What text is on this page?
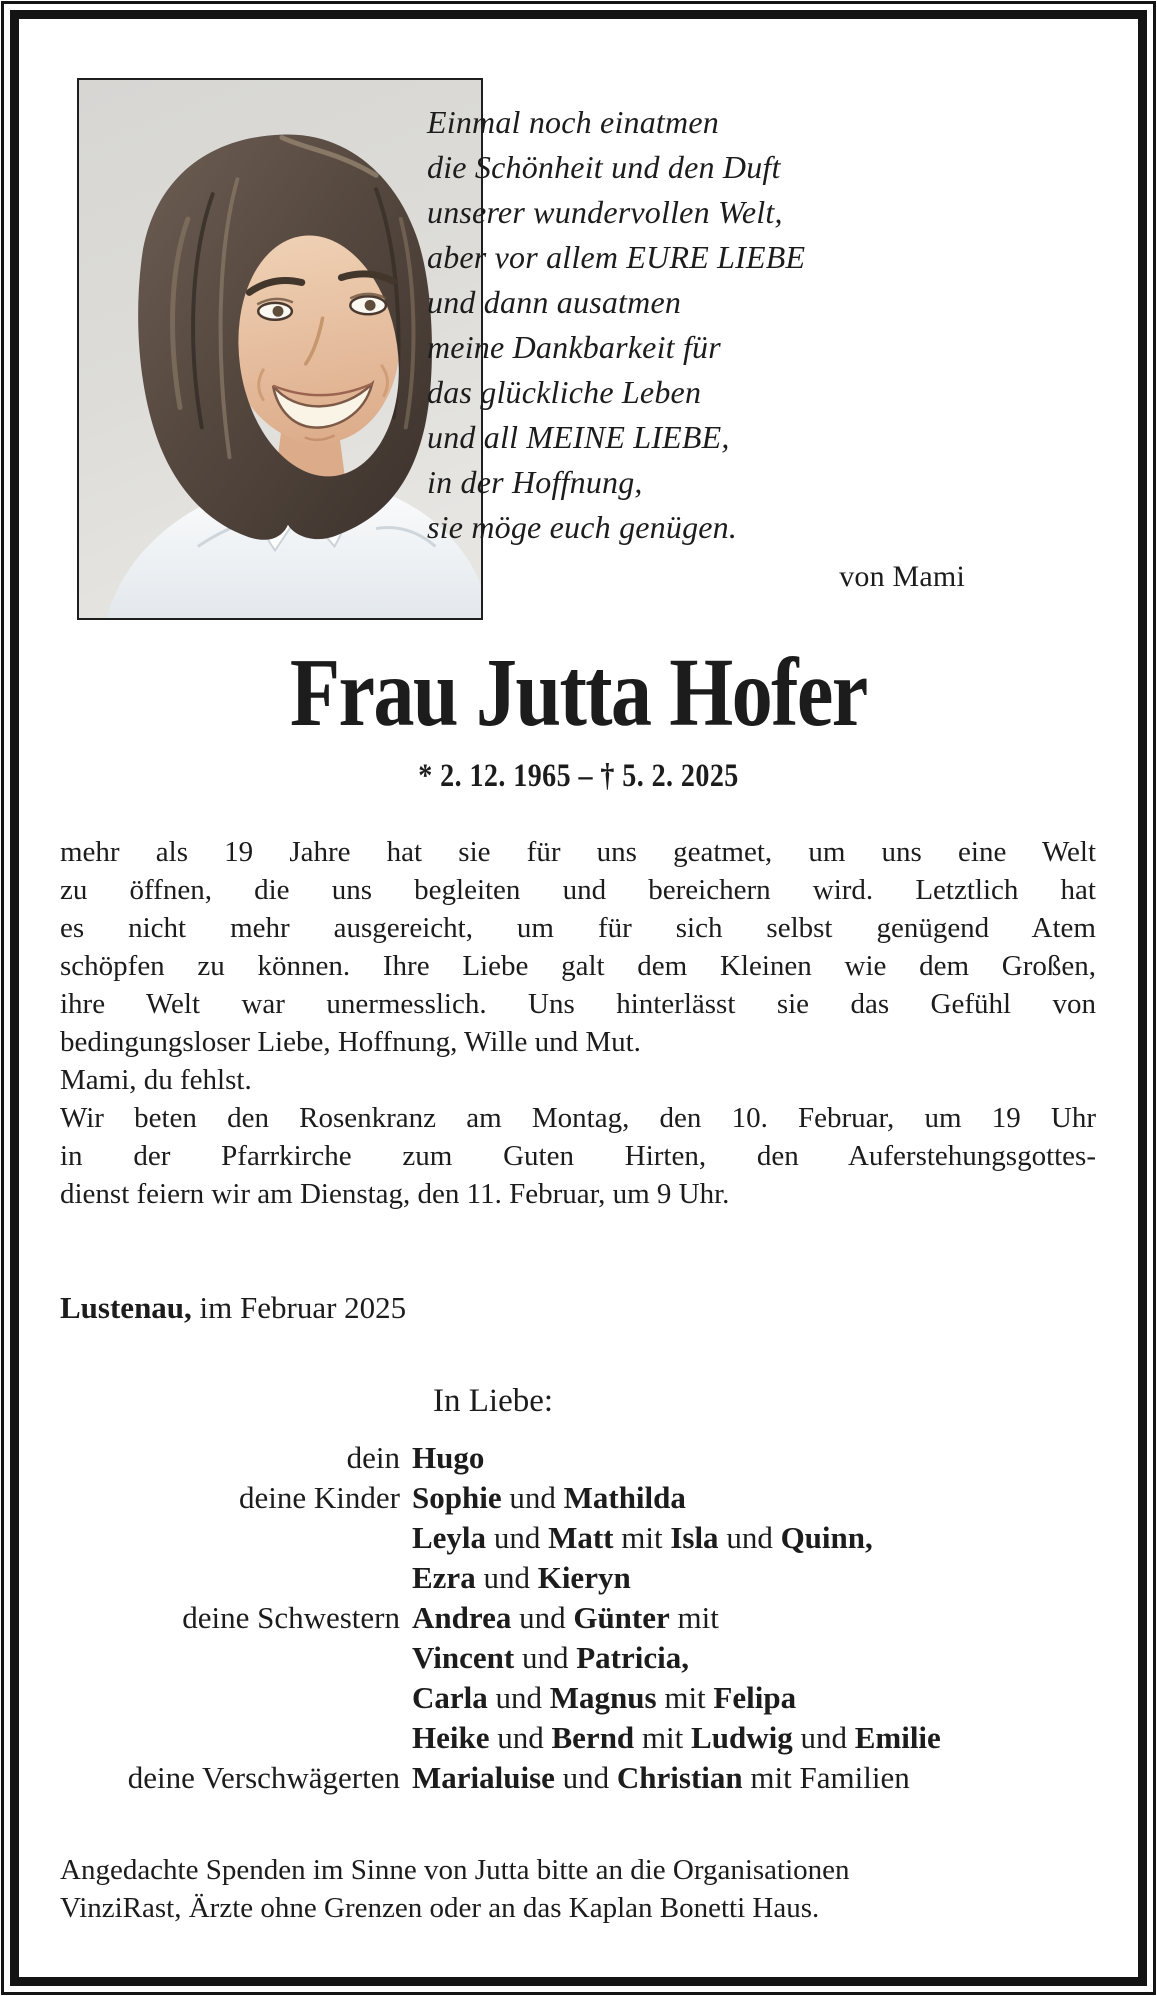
Einmal noch einatmen
die Schönheit und den Duft
unserer wundervollen Welt,
aber vor allem EURE LIEBE
und dann ausatmen
meine Dankbarkeit für
das glückliche Leben
und all MEINE LIEBE,
in der Hoffnung,
sie möge euch genügen.
von Mami
Frau Jutta Hofer
* 2. 12. 1965 – † 5. 2. 2025
mehr als 19 Jahre hat sie für uns geatmet, um uns eine Welt
zu öffnen, die uns begleiten und bereichern wird. Letztlich hat
es nicht mehr ausgereicht, um für sich selbst genügend Atem
schöpfen zu können. Ihre Liebe galt dem Kleinen wie dem Großen,
ihre Welt war unermesslich. Uns hinterlässt sie das Gefühl von
bedingungsloser Liebe, Hoffnung, Wille und Mut.
Mami, du fehlst.
Wir beten den Rosenkranz am Montag, den 10. Februar, um 19 Uhr
in der Pfarrkirche zum Guten Hirten, den Auferstehungsgottes-
dienst feiern wir am Dienstag, den 11. Februar, um 9 Uhr.
Lustenau, im Februar 2025
In Liebe:
dein Hugo
deine Kinder Sophie und Mathilda
Leyla und Matt mit Isla und Quinn,
Ezra und Kieryn
deine Schwestern Andrea und Günter mit
Vincent und Patricia,
Carla und Magnus mit Felipa
Heike und Bernd mit Ludwig und Emilie
deine Verschwägerten Marialuise und Christian mit Familien
Angedachte Spenden im Sinne von Jutta bitte an die Organisationen
VinziRast, Ärzte ohne Grenzen oder an das Kaplan Bonetti Haus.
